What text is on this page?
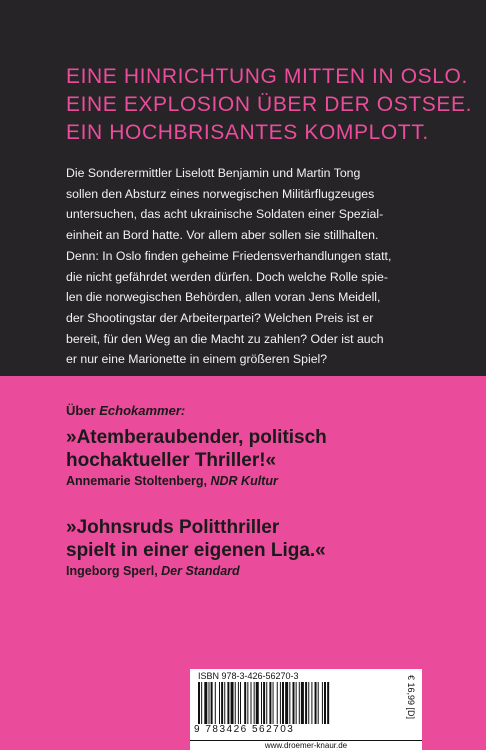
EINE HINRICHTUNG MITTEN IN OSLO.
EINE EXPLOSION ÜBER DER OSTSEE.
EIN HOCHBRISANTES KOMPLOTT.
Die Sonderermittler Liselott Benjamin und Martin Tong
sollen den Absturz eines norwegischen Militärflugzeuges
untersuchen, das acht ukrainische Soldaten einer Spezial-
einheit an Bord hatte. Vor allem aber sollen sie stillhalten.
Denn: In Oslo finden geheime Friedensverhandlungen statt,
die nicht gefährdet werden dürfen. Doch welche Rolle spie-
len die norwegischen Behörden, allen voran Jens Meidell,
der Shootingstar der Arbeiterpartei? Welchen Preis ist er
bereit, für den Weg an die Macht zu zahlen? Oder ist auch
er nur eine Marionette in einem größeren Spiel?
Über Echokammer:
»Atemberaubender, politisch
hochaktueller Thriller!«
Annemarie Stoltenberg, NDR Kultur
»Johnsruds Politthriller
spielt in einer eigenen Liga.«
Ingeborg Sperl, Der Standard
ISBN 978-3-426-56270-3
9 783426 562703
€ 16,99 [D]
www.droemer-knaur.de
